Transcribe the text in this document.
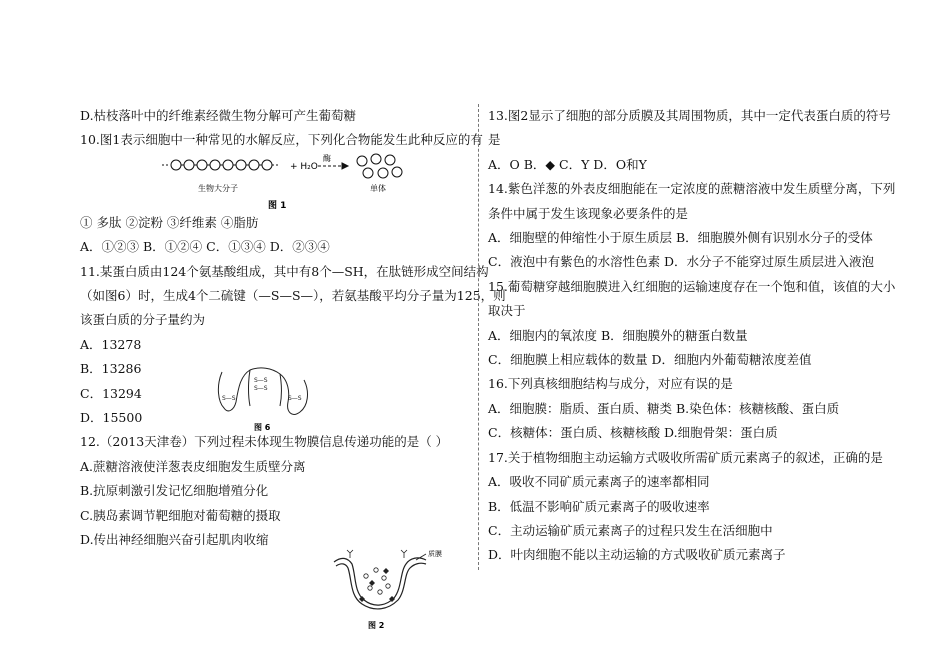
D.枯枝落叶中的纤维素经微生物分解可产生葡萄糖
10.图1表示细胞中一种常见的水解反应，下列化合物能发生此种反应的有
+ H₂O
酶
生物大分子	单体
图 1
① 多肽 ②淀粉 ③纤维素 ④脂肪
A．①②③ B．①②④ C．①③④ D．②③④
11.某蛋白质由124个氨基酸组成，其中有8个—SH，在肽链形成空间结构
（如图6）时，生成4个二硫键（—S—S—），若氨基酸平均分子量为125，则
该蛋白质的分子量约为
A．13278
B．13286
C．13294
D．15500
12.（2013天津卷）下列过程未体现生物膜信息传递功能的是（ ）
A.蔗糖溶液使洋葱表皮细胞发生质壁分离
B.抗原刺激引发记忆细胞增殖分化
C.胰岛素调节靶细胞对葡萄糖的摄取
D.传出神经细胞兴奋引起肌肉收缩
S—S
S—S
S—S	S—S
图 6
质膜
图 2
13.图2显示了细胞的部分质膜及其周围物质，其中一定代表蛋白质的符号
是
A．O B．◆ C．Y D．O和Y
14.紫色洋葱的外表皮细胞能在一定浓度的蔗糖溶液中发生质壁分离，下列
条件中属于发生该现象必要条件的是
A．细胞壁的伸缩性小于原生质层 B．细胞膜外侧有识别水分子的受体
C．液泡中有紫色的水溶性色素 D．水分子不能穿过原生质层进入液泡
15.葡萄糖穿越细胞膜进入红细胞的运输速度存在一个饱和值，该值的大小
取决于
A．细胞内的氧浓度 B．细胞膜外的糖蛋白数量
C．细胞膜上相应载体的数量 D．细胞内外葡萄糖浓度差值
16.下列真核细胞结构与成分，对应有误的是
A．细胞膜：脂质、蛋白质、糖类 B.染色体：核糖核酸、蛋白质
C．核糖体：蛋白质、核糖核酸 D.细胞骨架：蛋白质
17.关于植物细胞主动运输方式吸收所需矿质元素离子的叙述，正确的是
A．吸收不同矿质元素离子的速率都相同
B．低温不影响矿质元素离子的吸收速率
C．主动运输矿质元素离子的过程只发生在活细胞中
D．叶肉细胞不能以主动运输的方式吸收矿质元素离子
